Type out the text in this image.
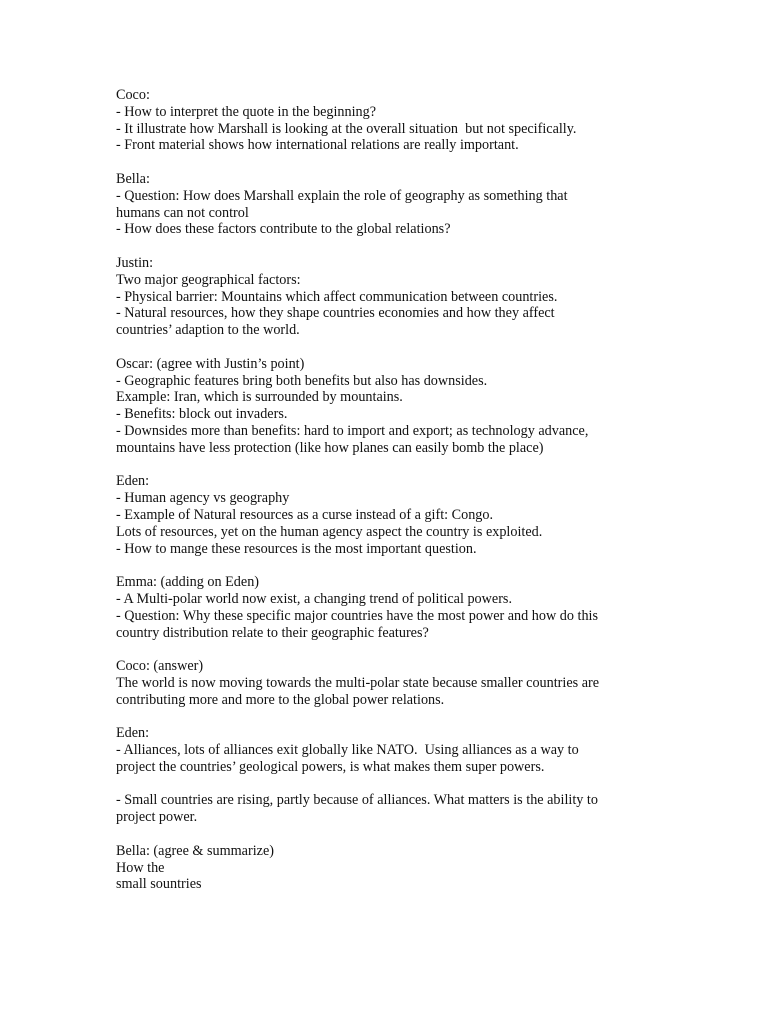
Coco:
- How to interpret the quote in the beginning?
- It illustrate how Marshall is looking at the overall situation  but not specifically.
- Front material shows how international relations are really important.
Bella:
- Question: How does Marshall explain the role of geography as something that
humans can not control
- How does these factors contribute to the global relations?
Justin:
Two major geographical factors:
- Physical barrier: Mountains which affect communication between countries.
- Natural resources, how they shape countries economies and how they affect
countries’ adaption to the world.
Oscar: (agree with Justin’s point)
- Geographic features bring both benefits but also has downsides.
Example: Iran, which is surrounded by mountains.
- Benefits: block out invaders.
- Downsides more than benefits: hard to import and export; as technology advance,
mountains have less protection (like how planes can easily bomb the place)
Eden:
- Human agency vs geography
- Example of Natural resources as a curse instead of a gift: Congo.
Lots of resources, yet on the human agency aspect the country is exploited.
- How to mange these resources is the most important question.
Emma: (adding on Eden)
- A Multi-polar world now exist, a changing trend of political powers.
- Question: Why these specific major countries have the most power and how do this
country distribution relate to their geographic features?
Coco: (answer)
The world is now moving towards the multi-polar state because smaller countries are
contributing more and more to the global power relations.
Eden:
- Alliances, lots of alliances exit globally like NATO.  Using alliances as a way to
project the countries’ geological powers, is what makes them super powers.
- Small countries are rising, partly because of alliances. What matters is the ability to
project power.
Bella: (agree & summarize)
How the
small sountries
